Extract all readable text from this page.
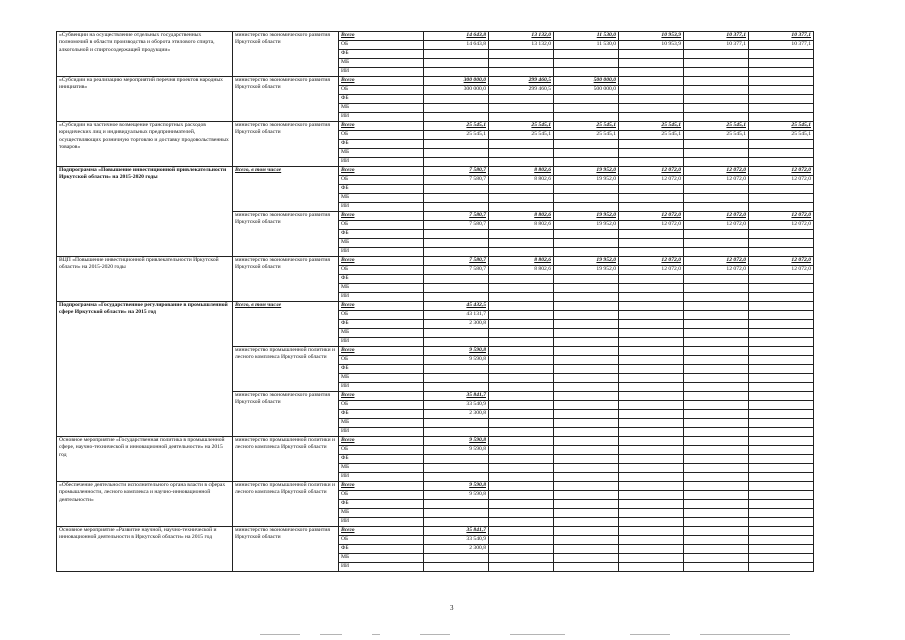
«Субвенции на осуществление отдельных государственных полномочий в области производства и оборота этилового спирта, алкогольной и спиртосодержащей продукции»	министерство экономического развития Иркутской области	Всего	14 643,8	13 132,0	11 530,0	10 953,9	10 377,1	10 377,1
		ОБ	14 643,8	13 132,0	11 530,0	10 953,9	10 377,1	10 377,1
		ФБ						
		МБ						
		ИИ						
«Субсидии на реализацию мероприятий перечня проектов народных инициатив»	министерство экономического развития Иркутской области	Всего	300 000,0	299 460,5	500 000,0			
		ОБ	300 000,0	299 460,5	500 000,0			
		ФБ						
		МБ						
		ИИ						
«Субсидии на частичное возмещение транспортных расходов юридических лиц и индивидуальных предпринимателей, осуществляющих розничную торговлю и доставку продовольственных товаров»	министерство экономического развития Иркутской области	Всего	25 545,1	25 545,1	25 545,1	25 545,1	25 545,1	25 545,1
		ОБ	25 545,1	25 545,1	25 545,1	25 545,1	25 545,1	25 545,1
		ФБ						
		МБ						
		ИИ						
Подпрограмма «Повышение инвестиционной привлекательности Иркутской области» на 2015-2020 годы	Всего, в том числе	Всего	7 580,7	8 802,6	19 952,0	12 072,0	12 072,0	12 072,0
		ОБ	7 580,7	8 802,6	19 952,0	12 072,0	12 072,0	12 072,0
		ФБ						
		МБ						
		ИИ						
	министерство экономического развития Иркутской области	Всего	7 580,7	8 802,6	19 952,0	12 072,0	12 072,0	12 072,0
		ОБ	7 580,7	8 802,6	19 952,0	12 072,0	12 072,0	12 072,0
		ФБ						
		МБ						
		ИИ						
ВЦП «Повышение инвестиционной привлекательности Иркутской области» на 2015-2020 годы	министерство экономического развития Иркутской области	Всего	7 580,7	8 802,6	19 952,0	12 072,0	12 072,0	12 072,0
		ОБ	7 580,7	8 802,6	19 952,0	12 072,0	12 072,0	12 072,0
		ФБ						
		МБ						
		ИИ						
Подпрограмма «Государственное регулирование в промышленной сфере Иркутской области» на 2015 год	Всего, в том числе	Всего	45 432,5					
		ОБ	43 131,7					
		ФБ	2 300,8					
		МБ						
		ИИ						
	министерство промышленной политики и лесного комплекса Иркутской области	Всего	9 590,8					
		ОБ	9 590,8					
		ФБ						
		МБ						
		ИИ						
	министерство экономического развития Иркутской области	Всего	35 841,7					
		ОБ	33 540,9					
		ФБ	2 300,8					
		МБ						
		ИИ						
Основное мероприятие «Государственная политика в промышленной сфере, научно-технической и инновационной деятельности» на 2015 год	министерство промышленной политики и лесного комплекса Иркутской области	Всего	9 590,8					
		ОБ	9 590,8					
		ФБ						
		МБ						
		ИИ						
«Обеспечение деятельности исполнительного органа власти в сферах промышленности, лесного комплекса и научно-инновационной деятельности»	министерство промышленной политики и лесного комплекса Иркутской области	Всего	9 590,8					
		ОБ	9 590,8					
		ФБ						
		МБ						
		ИИ						
Основное мероприятие «Развитие научной, научно-технической и инновационной деятельности в Иркутской области» на 2015 год	министерство экономического развития Иркутской области	Всего	35 841,7					
		ОБ	33 540,9					
		ФБ	2 300,8					
		МБ						
		ИИ						
3
